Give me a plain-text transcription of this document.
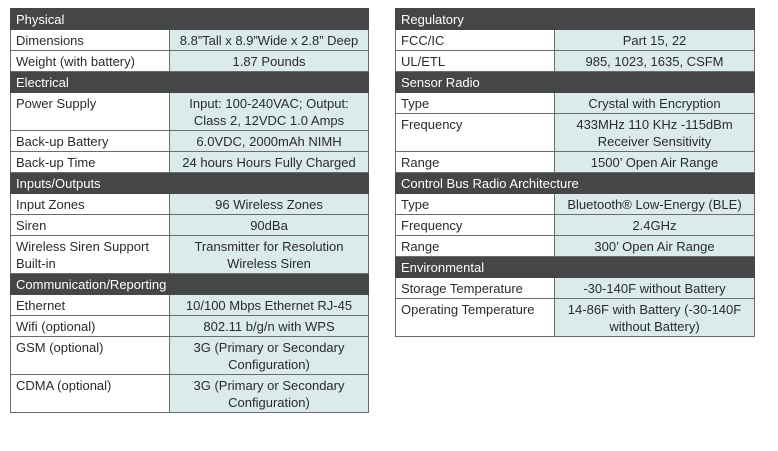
Physical	
Dimensions	8.8”Tall x 8.9”Wide x 2.8” Deep
Weight (with battery)	1.87 Pounds
Electrical	
Power Supply	Input: 100-240VAC; Output: Class 2, 12VDC 1.0 Amps
Back-up Battery	6.0VDC, 2000mAh NIMH
Back-up Time	24 hours Hours Fully Charged
Inputs/Outputs	
Input Zones	96 Wireless Zones
Siren	90dBa
Wireless Siren Support Built-in	Transmitter for Resolution Wireless Siren
Communication/Reporting	
Ethernet	10/100 Mbps Ethernet RJ-45
Wifi (optional)	802.11 b/g/n with WPS
GSM (optional)	3G (Primary or Secondary Configuration)
CDMA (optional)	3G (Primary or Secondary Configuration)
Regulatory	
FCC/IC	Part 15, 22
UL/ETL	985, 1023, 1635, CSFM
Sensor Radio	
Type	Crystal with Encryption
Frequency	433MHz 110 KHz -115dBm Receiver Sensitivity
Range	1500’ Open Air Range
Control Bus Radio Architecture	
Type	Bluetooth® Low-Energy (BLE)
Frequency	2.4GHz
Range	300’ Open Air Range
Environmental	
Storage Temperature	-30-140F without Battery
Operating Temperature	14-86F with Battery (-30-140F without Battery)
